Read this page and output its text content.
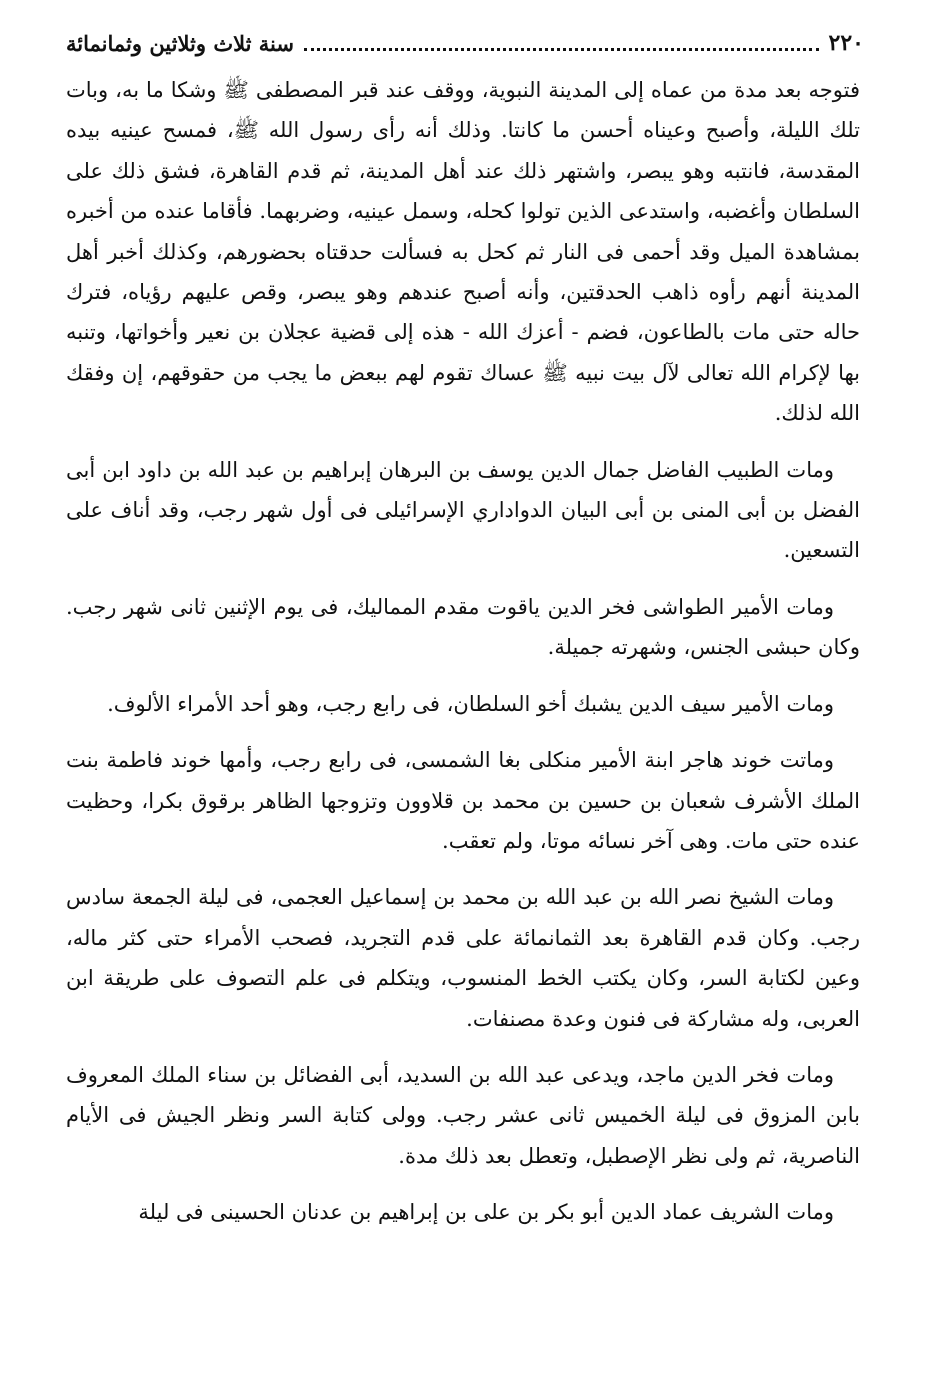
٢٢٠
سنة ثلاث وثلاثين وثمانمائة

فتوجه بعد مدة من عماه إلى المدينة النبوية، ووقف عند قبر المصطفى ﷺ وشكا ما به، وبات تلك الليلة، وأصبح وعيناه أحسن ما كانتا. وذلك أنه رأى رسول الله ﷺ، فمسح عينيه بيده المقدسة، فانتبه وهو يبصر، واشتهر ذلك عند أهل المدينة، ثم قدم القاهرة، فشق ذلك على السلطان وأغضبه، واستدعى الذين تولوا كحله، وسمل عينيه، وضربهما. فأقاما عنده من أخبره بمشاهدة الميل وقد أحمى فى النار ثم كحل به فسألت حدقتاه بحضورهم، وكذلك أخبر أهل المدينة أنهم رأوه ذاهب الحدقتين، وأنه أصبح عندهم وهو يبصر، وقص عليهم رؤياه، فترك حاله حتى مات بالطاعون، فضم - أعزك الله - هذه إلى قضية عجلان بن نعير وأخواتها، وتنبه بها لإكرام الله تعالى لآل بيت نبيه ﷺ عساك تقوم لهم ببعض ما يجب من حقوقهم، إن وفقك الله لذلك.

ومات الطبيب الفاضل جمال الدين يوسف بن البرهان إبراهيم بن عبد الله بن داود ابن أبى الفضل بن أبى المنى بن أبى البيان الدواداري الإسرائيلى فى أول شهر رجب، وقد أناف على التسعين.

ومات الأمير الطواشى فخر الدين ياقوت مقدم المماليك، فى يوم الإثنين ثانى شهر رجب. وكان حبشى الجنس، وشهرته جميلة.

ومات الأمير سيف الدين يشبك أخو السلطان، فى رابع رجب، وهو أحد الأمراء الألوف.

وماتت خوند هاجر ابنة الأمير منكلى بغا الشمسى، فى رابع رجب، وأمها خوند فاطمة بنت الملك الأشرف شعبان بن حسين بن محمد بن قلاوون وتزوجها الظاهر برقوق بكرا، وحظيت عنده حتى مات. وهى آخر نسائه موتا، ولم تعقب.

ومات الشيخ نصر الله بن عبد الله بن محمد بن إسماعيل العجمى، فى ليلة الجمعة سادس رجب. وكان قدم القاهرة بعد الثمانمائة على قدم التجريد، فصحب الأمراء حتى كثر ماله، وعين لكتابة السر، وكان يكتب الخط المنسوب، ويتكلم فى علم التصوف على طريقة ابن العربى، وله مشاركة فى فنون وعدة مصنفات.

ومات فخر الدين ماجد، ويدعى عبد الله بن السديد، أبى الفضائل بن سناء الملك المعروف بابن المزوق فى ليلة الخميس ثانى عشر رجب. وولى كتابة السر ونظر الجيش فى الأيام الناصرية، ثم ولى نظر الإصطبل، وتعطل بعد ذلك مدة.

ومات الشريف عماد الدين أبو بكر بن على بن إبراهيم بن عدنان الحسينى فى ليلة
